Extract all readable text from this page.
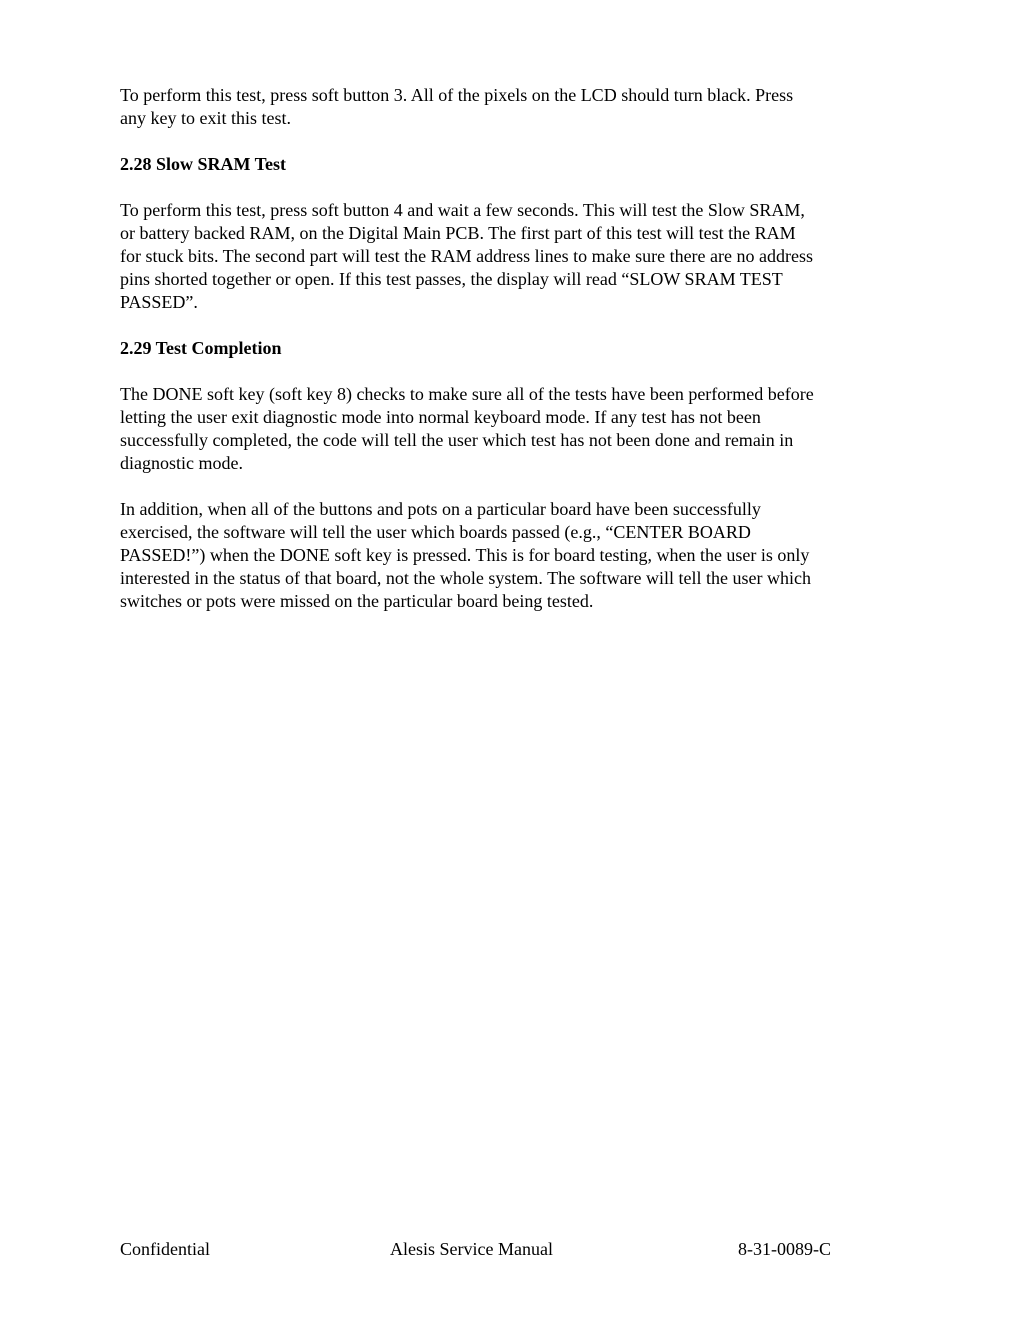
To perform this test, press soft button 3. All of the pixels on the LCD should turn black. Press
any key to exit this test.

2.28 Slow SRAM Test

To perform this test, press soft button 4 and wait a few seconds. This will test the Slow SRAM,
or battery backed RAM, on the Digital Main PCB. The first part of this test will test the RAM
for stuck bits. The second part will test the RAM address lines to make sure there are no address
pins shorted together or open. If this test passes, the display will read “SLOW SRAM TEST
PASSED”.

2.29 Test Completion

The DONE soft key (soft key 8) checks to make sure all of the tests have been performed before
letting the user exit diagnostic mode into normal keyboard mode. If any test has not been
successfully completed, the code will tell the user which test has not been done and remain in
diagnostic mode.

In addition, when all of the buttons and pots on a particular board have been successfully
exercised, the software will tell the user which boards passed (e.g., “CENTER BOARD
PASSED!”) when the DONE soft key is pressed. This is for board testing, when the user is only
interested in the status of that board, not the whole system. The software will tell the user which
switches or pots were missed on the particular board being tested.

Confidential	Alesis Service Manual	8-31-0089-C
